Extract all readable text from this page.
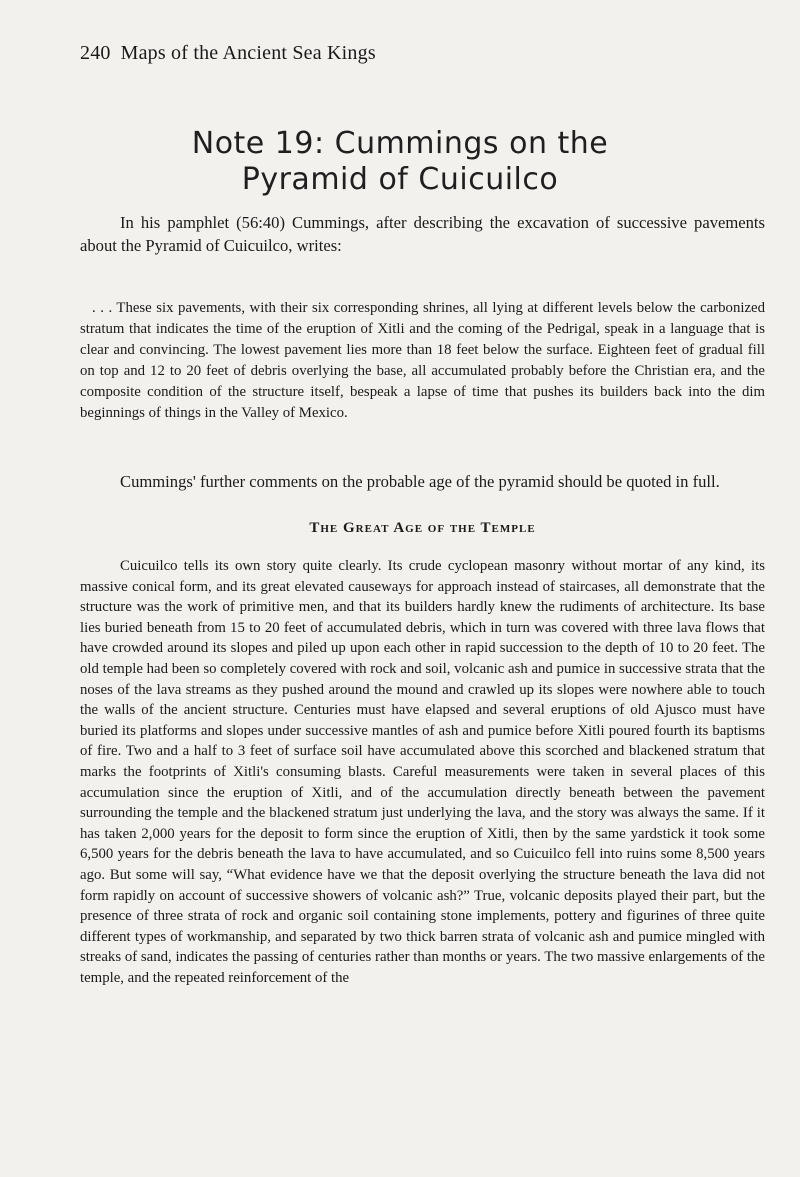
240 Maps of the Ancient Sea Kings
Note 19: Cummings on the
Pyramid of Cuicuilco

In his pamphlet (56:40) Cummings, after describing the excavation of successive pavements about the Pyramid of Cuicuilco, writes:

. . . These six pavements, with their six corresponding shrines, all lying at different levels below the carbonized stratum that indicates the time of the eruption of Xitli and the coming of the Pedrigal, speak in a language that is clear and convincing. The lowest pavement lies more than 18 feet below the surface. Eighteen feet of gradual fill on top and 12 to 20 feet of debris overlying the base, all accumulated probably before the Christian era, and the composite condition of the structure itself, bespeak a lapse of time that pushes its builders back into the dim beginnings of things in the Valley of Mexico.

Cummings' further comments on the probable age of the pyramid should be quoted in full.

The Great Age of the Temple

Cuicuilco tells its own story quite clearly. Its crude cyclopean masonry without mortar of any kind, its massive conical form, and its great elevated causeways for approach instead of staircases, all demonstrate that the structure was the work of primitive men, and that its builders hardly knew the rudiments of architecture. Its base lies buried beneath from 15 to 20 feet of accumulated debris, which in turn was covered with three lava flows that have crowded around its slopes and piled up upon each other in rapid succession to the depth of 10 to 20 feet. The old temple had been so completely covered with rock and soil, volcanic ash and pumice in successive strata that the noses of the lava streams as they pushed around the mound and crawled up its slopes were nowhere able to touch the walls of the ancient structure. Centuries must have elapsed and several eruptions of old Ajusco must have buried its platforms and slopes under successive mantles of ash and pumice before Xitli poured fourth its baptisms of fire. Two and a half to 3 feet of surface soil have accumulated above this scorched and blackened stratum that marks the footprints of Xitli's consuming blasts. Careful measurements were taken in several places of this accumulation since the eruption of Xitli, and of the accumulation directly beneath between the pavement surrounding the temple and the blackened stratum just underlying the lava, and the story was always the same. If it has taken 2,000 years for the deposit to form since the eruption of Xitli, then by the same yardstick it took some 6,500 years for the debris beneath the lava to have accumulated, and so Cuicuilco fell into ruins some 8,500 years ago. But some will say, “What evidence have we that the deposit overlying the structure beneath the lava did not form rapidly on account of successive showers of volcanic ash?” True, volcanic deposits played their part, but the presence of three strata of rock and organic soil containing stone implements, pottery and figurines of three quite different types of workmanship, and separated by two thick barren strata of volcanic ash and pumice mingled with streaks of sand, indicates the passing of centuries rather than months or years. The two massive enlargements of the temple, and the repeated reinforcement of the
